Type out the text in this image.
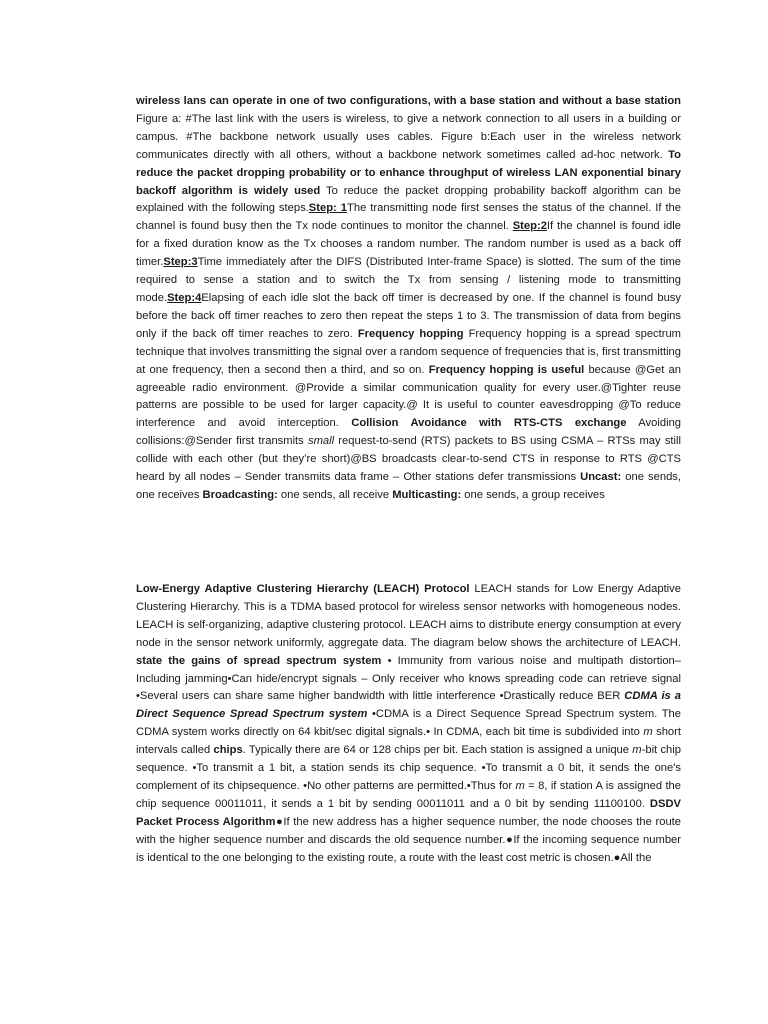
wireless lans can operate in one of two configurations, with a base station and without a base station Figure a: #The last link with the users is wireless, to give a network connection to all users in a building or campus. #The backbone network usually uses cables. Figure b:Each user in the wireless network communicates directly with all others, without a backbone network sometimes called ad-hoc network. To reduce the packet dropping probability or to enhance throughput of wireless LAN exponential binary backoff algorithm is widely used To reduce the packet dropping probability backoff algorithm can be explained with the following steps.Step: 1The transmitting node first senses the status of the channel. If the channel is found busy then the Tx node continues to monitor the channel. Step:2If the channel is found idle for a fixed duration know as the Tx chooses a random number. The random number is used as a back off timer.Step:3Time immediately after the DIFS (Distributed Inter-frame Space) is slotted. The sum of the time required to sense a station and to switch the Tx from sensing / listening mode to transmitting mode.Step:4Elapsing of each idle slot the back off timer is decreased by one. If the channel is found busy before the back off timer reaches to zero then repeat the steps 1 to 3. The transmission of data from begins only if the back off timer reaches to zero. Frequency hopping Frequency hopping is a spread spectrum technique that involves transmitting the signal over a random sequence of frequencies that is, first transmitting at one frequency, then a second then a third, and so on. Frequency hopping is useful because @Get an agreeable radio environment. @Provide a similar communication quality for every user.@Tighter reuse patterns are possible to be used for larger capacity.@ It is useful to counter eavesdropping @To reduce interference and avoid interception. Collision Avoidance with RTS-CTS exchange Avoiding collisions:@Sender first transmits small request-to-send (RTS) packets to BS using CSMA – RTSs may still collide with each other (but they’re short)@BS broadcasts clear-to-send CTS in response to RTS @CTS heard by all nodes – Sender transmits data frame – Other stations defer transmissions Uncast: one sends, one receives Broadcasting: one sends, all receive Multicasting: one sends, a group receives

Low-Energy Adaptive Clustering Hierarchy (LEACH) Protocol LEACH stands for Low Energy Adaptive Clustering Hierarchy. This is a TDMA based protocol for wireless sensor networks with homogeneous nodes. LEACH is self-organizing, adaptive clustering protocol. LEACH aims to distribute energy consumption at every node in the sensor network uniformly, aggregate data. The diagram below shows the architecture of LEACH. state the gains of spread spectrum system • Immunity from various noise and multipath distortion– Including jamming•Can hide/encrypt signals – Only receiver who knows spreading code can retrieve signal •Several users can share same higher bandwidth with little interference •Drastically reduce BER CDMA is a Direct Sequence Spread Spectrum system •CDMA is a Direct Sequence Spread Spectrum system. The CDMA system works directly on 64 kbit/sec digital signals.• In CDMA, each bit time is subdivided into m short intervals called chips. Typically there are 64 or 128 chips per bit. Each station is assigned a unique m-bit chip sequence. •To transmit a 1 bit, a station sends its chip sequence. •To transmit a 0 bit, it sends the one's complement of its chipsequence. •No other patterns are permitted.•Thus for m = 8, if station A is assigned the chip sequence 00011011, it sends a 1 bit by sending 00011011 and a 0 bit by sending 11100100. DSDV Packet Process Algorithm●If the new address has a higher sequence number, the node chooses the route with the higher sequence number and discards the old sequence number.●If the incoming sequence number is identical to the one belonging to the existing route, a route with the least cost metric is chosen.●All the
